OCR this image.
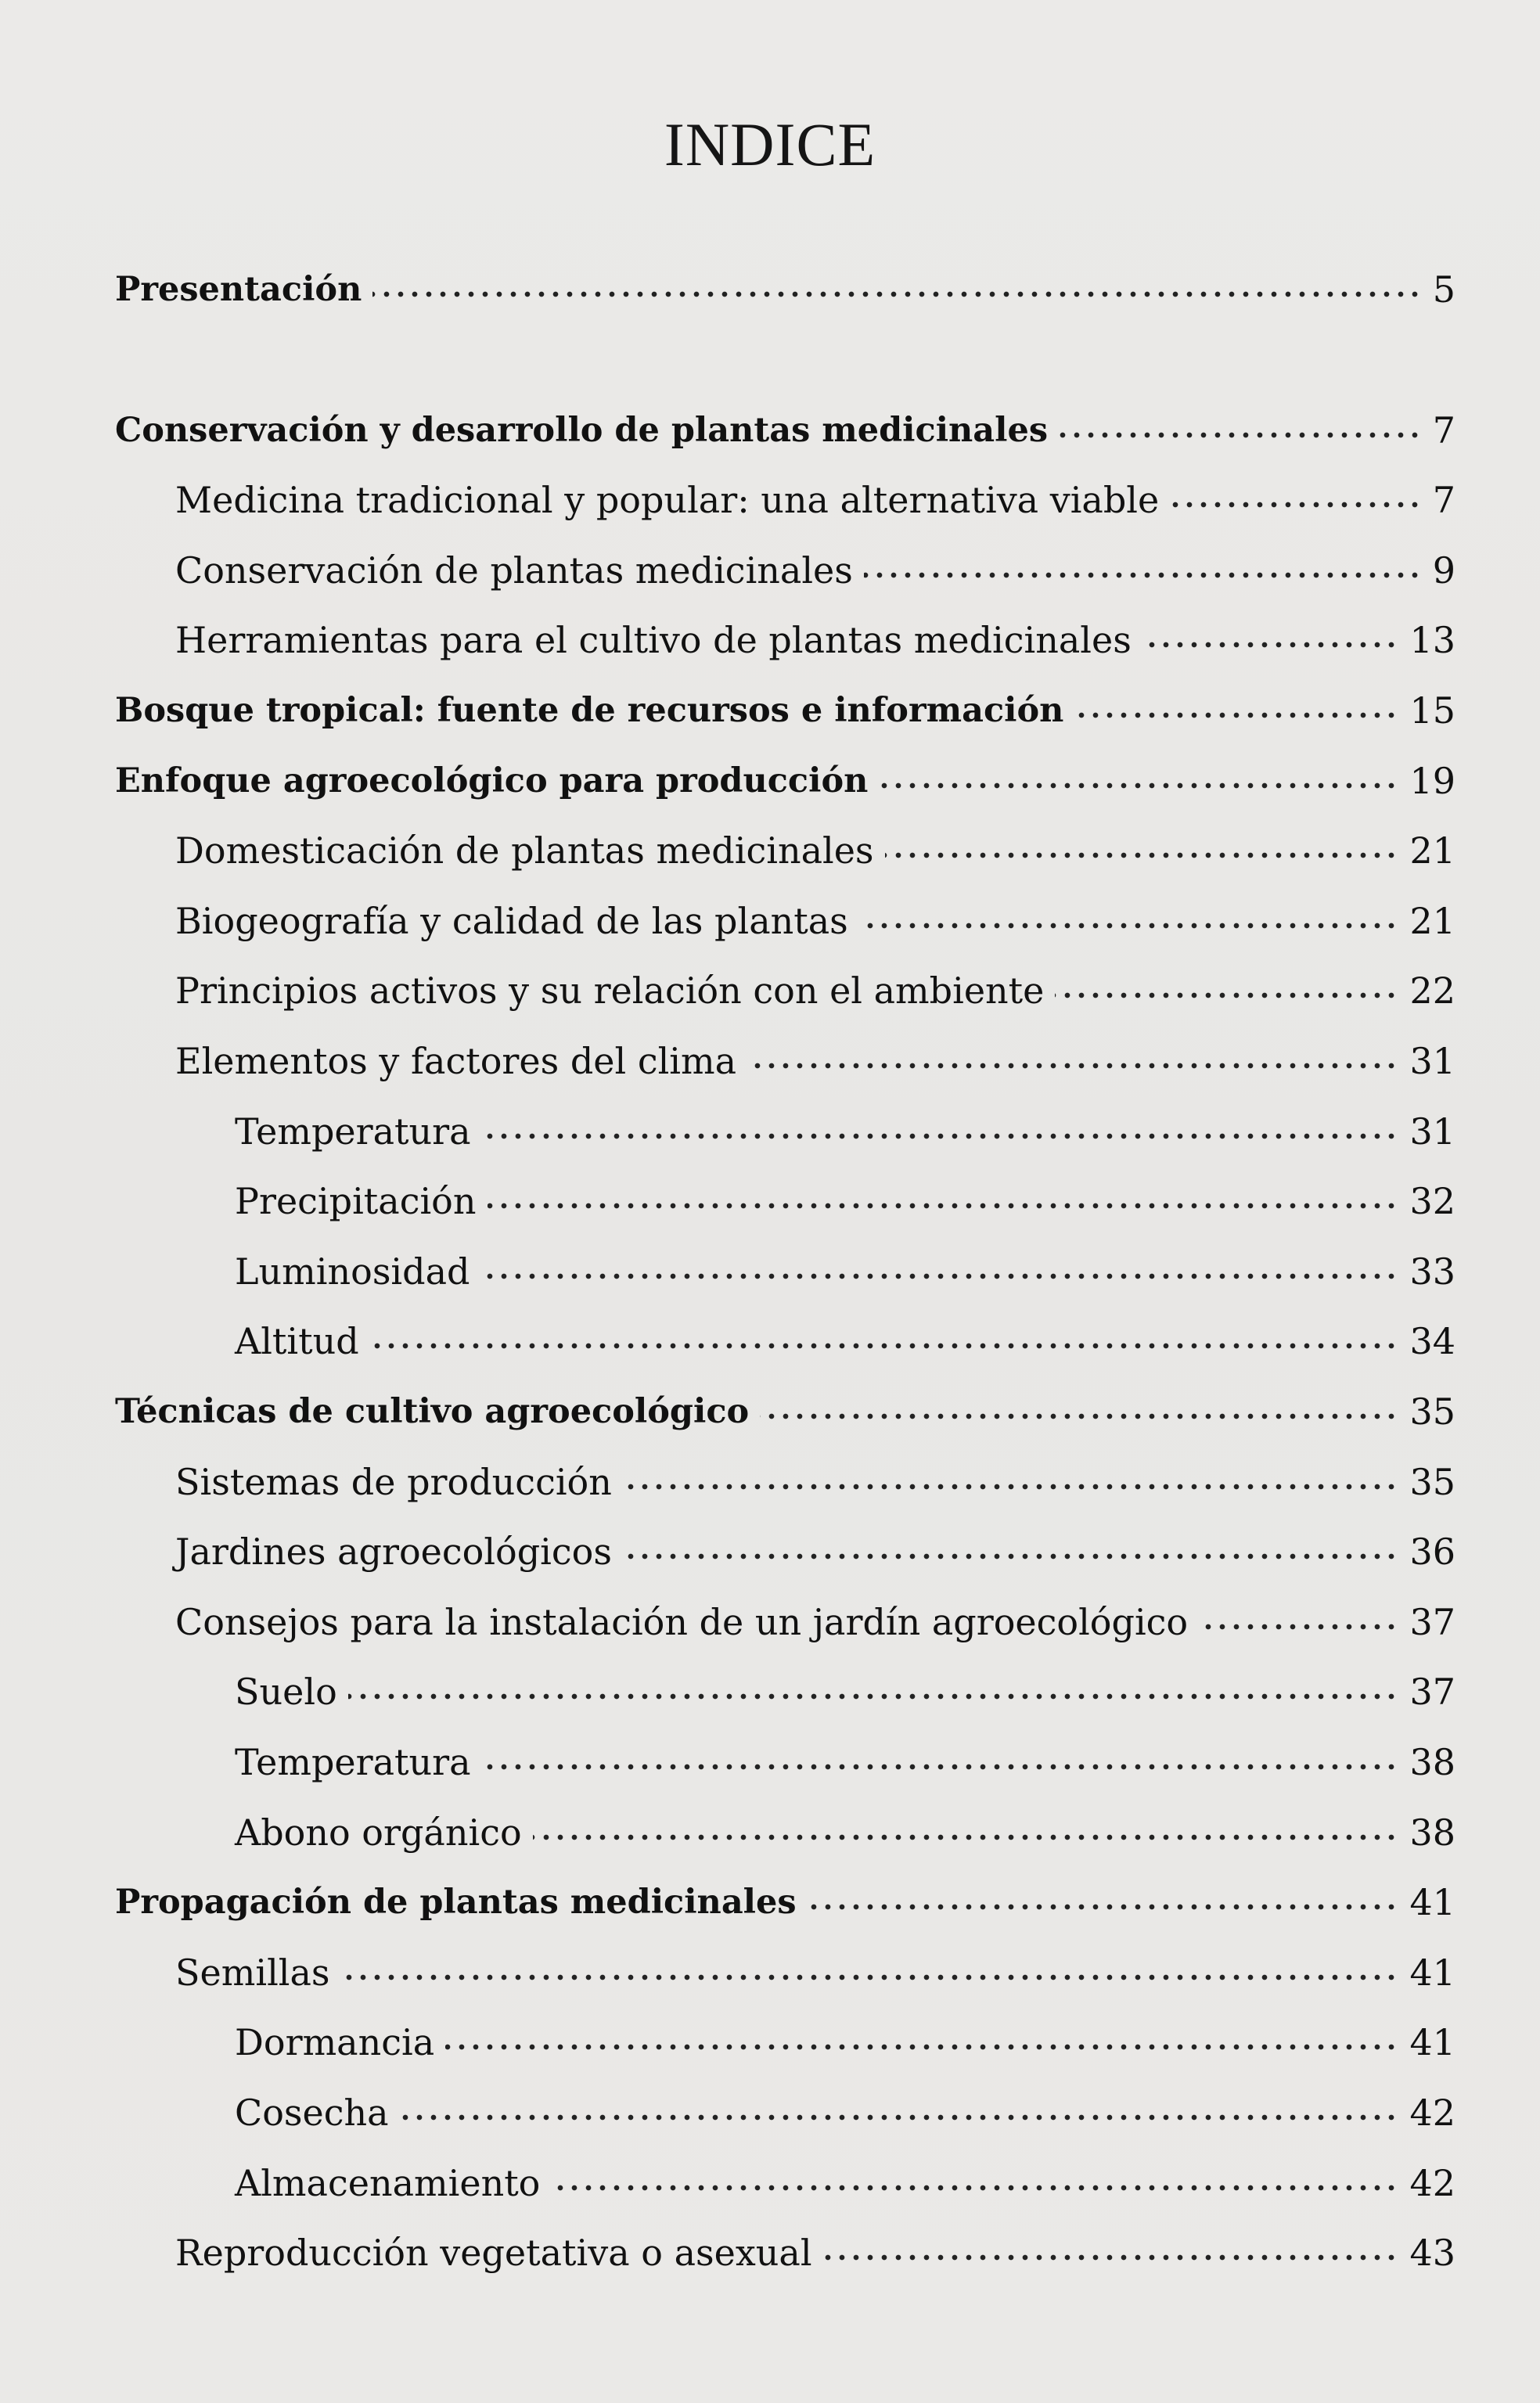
INDICE
Presentación	5
Conservación y desarrollo de plantas medicinales	7
Medicina tradicional y popular: una alternativa viable	7
Conservación de plantas medicinales	9
Herramientas para el cultivo de plantas medicinales	13
Bosque tropical: fuente de recursos e información	15
Enfoque agroecológico para producción	19
Domesticación de plantas medicinales	21
Biogeografía y calidad de las plantas	21
Principios activos y su relación con el ambiente	22
Elementos y factores del clima	31
Temperatura	31
Precipitación	32
Luminosidad	33
Altitud	34
Técnicas de cultivo agroecológico	35
Sistemas de producción	35
Jardines agroecológicos	36
Consejos para la instalación de un jardín agroecológico	37
Suelo	37
Temperatura	38
Abono orgánico	38
Propagación de plantas medicinales	41
Semillas	41
Dormancia	41
Cosecha	42
Almacenamiento	42
Reproducción vegetativa o asexual	43
